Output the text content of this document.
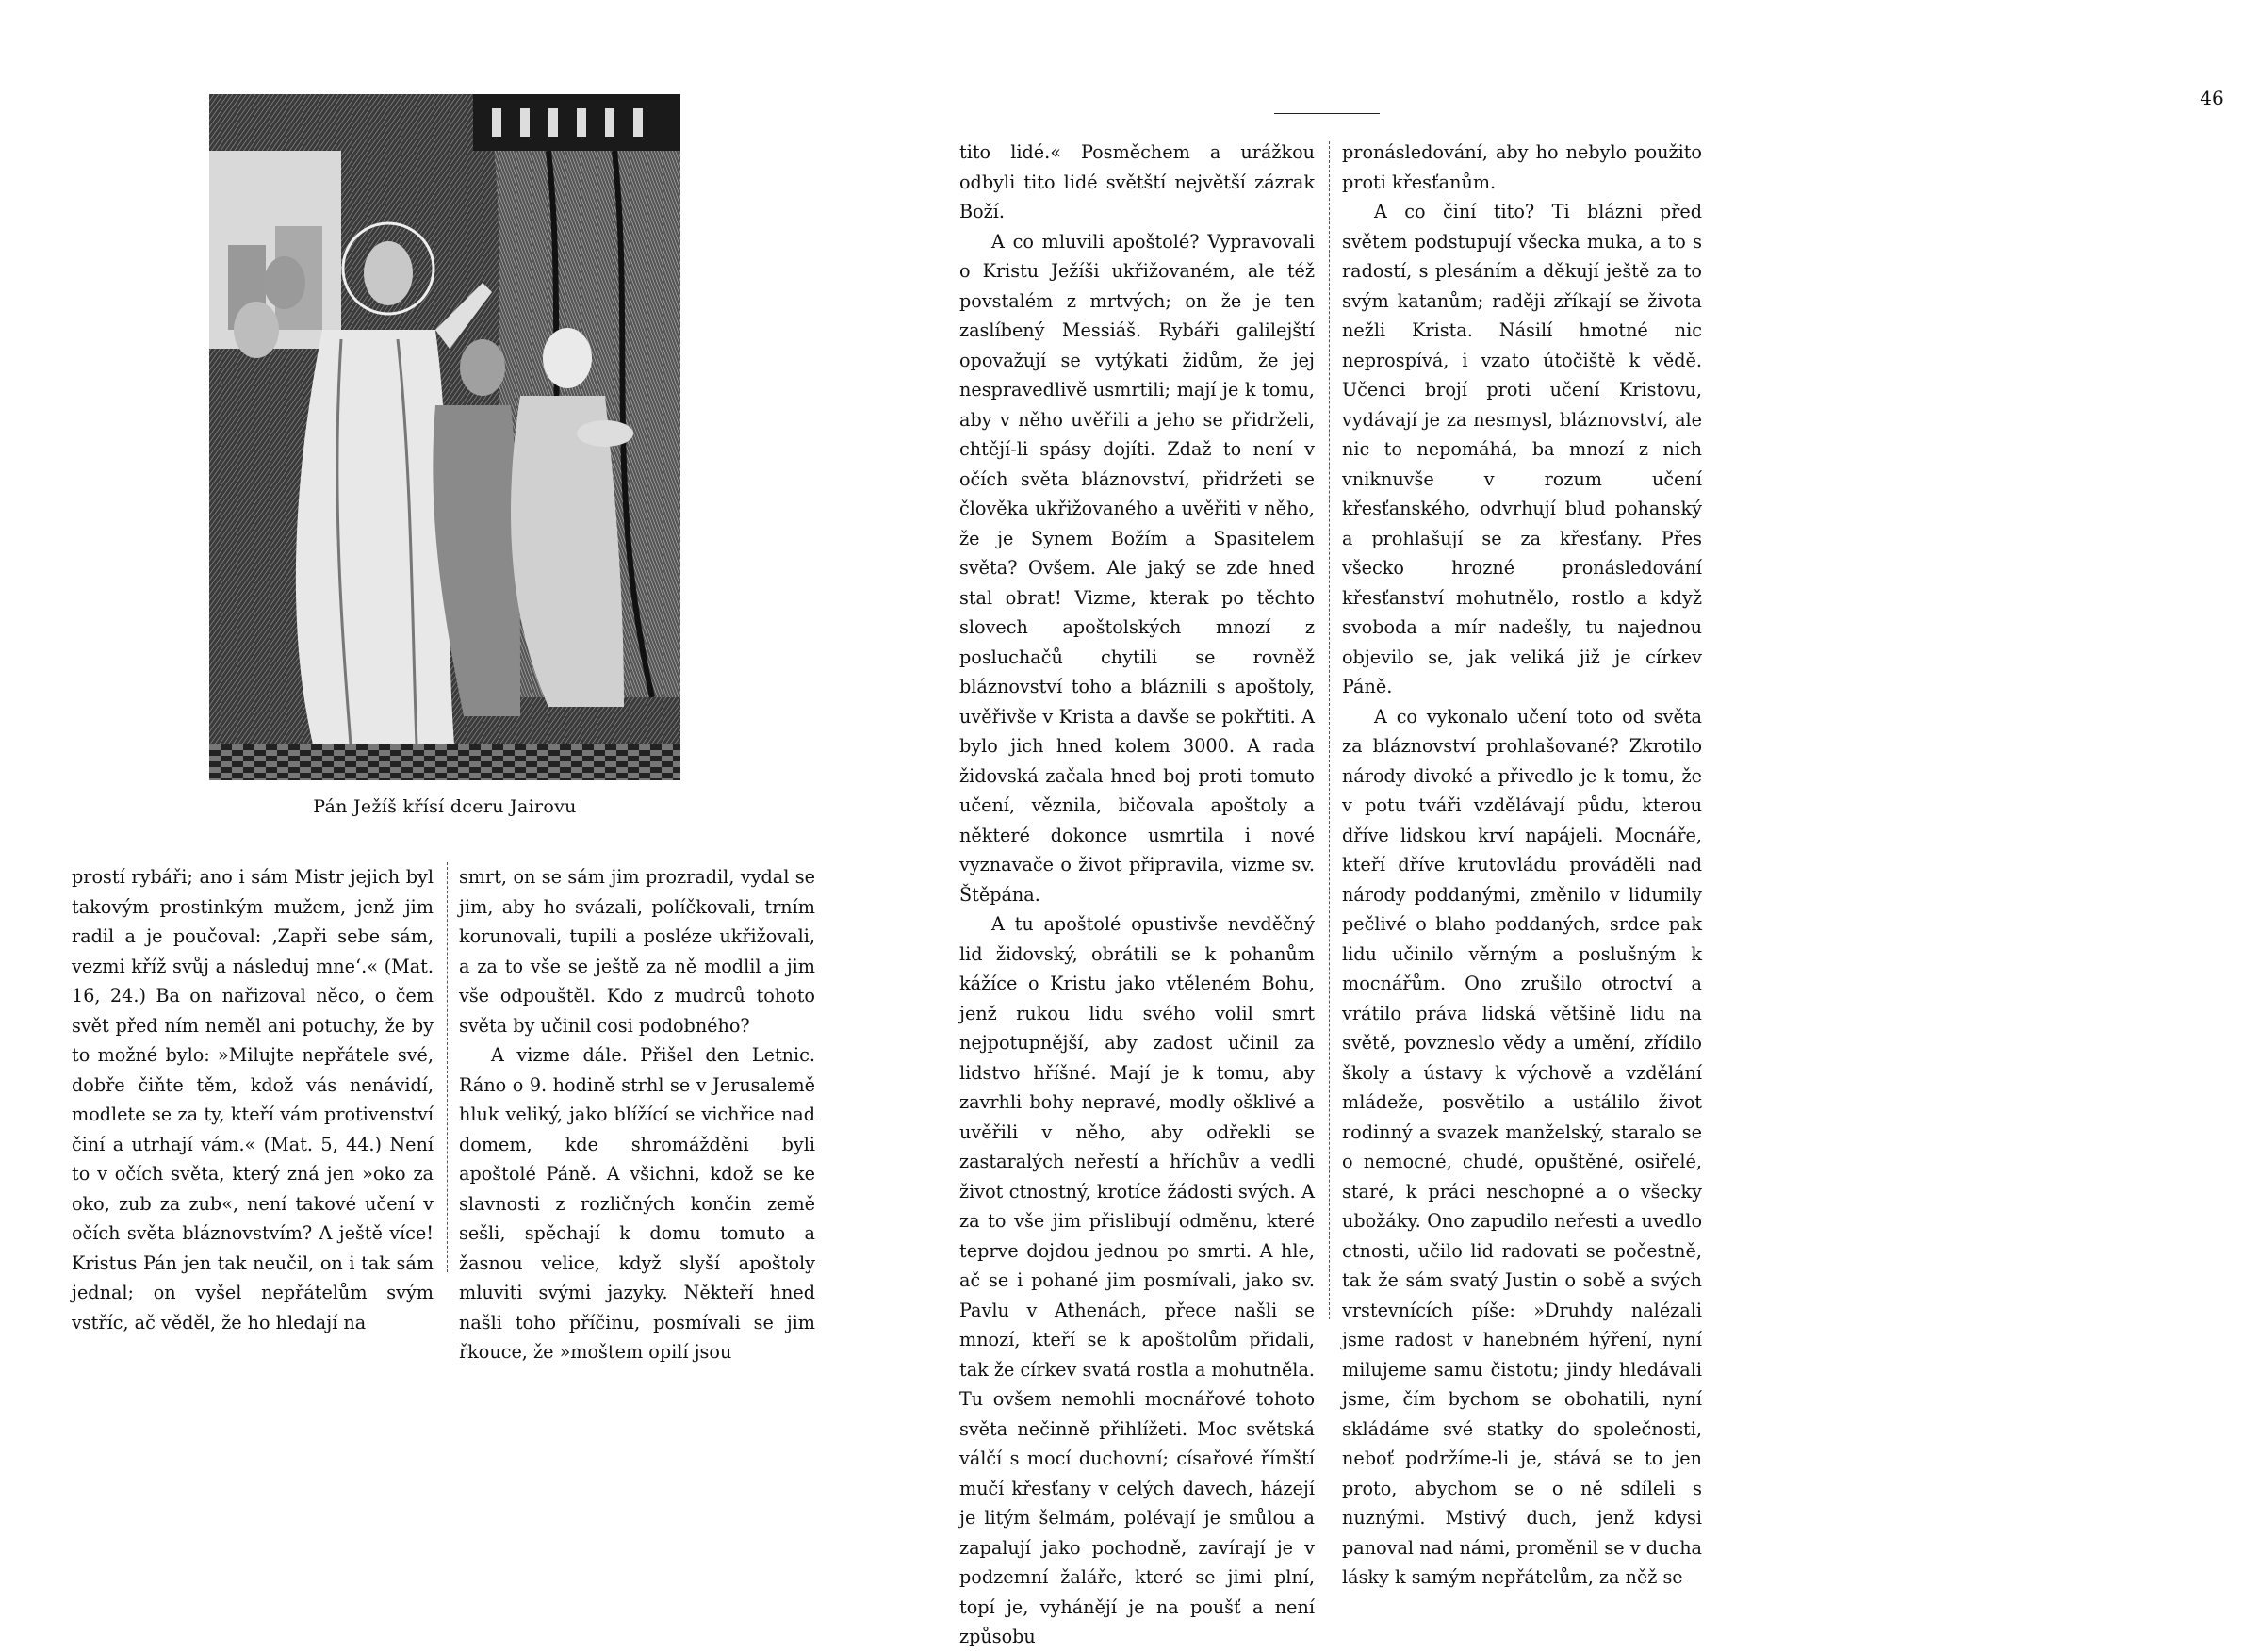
Pán Ježíš křísí dceru Jairovu

prostí rybáři; ano i sám Mistr jejich byl takovým prostinkým mužem, jenž jim radil a je poučoval: ‚Zapři sebe sám, vezmi kříž svůj a následuj mne‘.« (Mat. 16, 24.) Ba on nařizoval něco, o čem svět před ním neměl ani potuchy, že by to možné bylo: »Milujte nepřátele své, dobře čiňte těm, kdož vás nenávidí, modlete se za ty, kteří vám protivenství činí a utrhají vám.« (Mat. 5, 44.) Není to v očích světa, který zná jen »oko za oko, zub za zub«, není takové učení v očích světa bláznovstvím? A ještě více! Kristus Pán jen tak neučil, on i tak sám jednal; on vyšel nepřátelům svým vstříc, ač věděl, že ho hledají na

smrt, on se sám jim prozradil, vydal se jim, aby ho svázali, políčkovali, trním korunovali, tupili a posléze ukřižovali, a za to vše se ještě za ně modlil a jim vše odpouštěl. Kdo z mudrců tohoto světa by učinil cosi podobného?

A vizme dále. Přišel den Letnic. Ráno o 9. hodině strhl se v Jerusalemě hluk veliký, jako blížící se vichřice nad domem, kde shromážděni byli apoštolé Páně. A všichni, kdož se ke slavnosti z rozličných končin země sešli, spěchají k domu tomuto a žasnou velice, když slyší apoštoly mluviti svými jazyky. Někteří hned našli toho příčinu, posmívali se jim řkouce, že »moštem opilí jsou

46

tito lidé.« Posměchem a urážkou odbyli tito lidé světští největší zázrak Boží.

A co mluvili apoštolé? Vypravovali o Kristu Ježíši ukřižovaném, ale též povstalém z mrtvých; on že je ten zaslíbený Messiáš. Rybáři galilejští opovažují se vytýkati židům, že jej nespravedlivě usmrtili; mají je k tomu, aby v něho uvěřili a jeho se přidrželi, chtějí-li spásy dojíti. Zdaž to není v očích světa bláznovství, přidržeti se člověka ukřižovaného a uvěřiti v něho, že je Synem Božím a Spasitelem světa? Ovšem. Ale jaký se zde hned stal obrat! Vizme, kterak po těchto slovech apoštolských mnozí z posluchačů chytili se rovněž bláznovství toho a bláznili s apoštoly, uvěřivše v Krista a davše se pokřtiti. A bylo jich hned kolem 3000. A rada židovská začala hned boj proti tomuto učení, věznila, bičovala apoštoly a některé dokonce usmrtila i nové vyznavače o život připravila, vizme sv. Štěpána.

A tu apoštolé opustivše nevděčný lid židovský, obrátili se k pohanům kážíce o Kristu jako vtěleném Bohu, jenž rukou lidu svého volil smrt nejpotupnější, aby zadost učinil za lidstvo hříšné. Mají je k tomu, aby zavrhli bohy nepravé, modly ošklivé a uvěřili v něho, aby odřekli se zastaralých neřestí a hříchův a vedli život ctnostný, krotíce žádosti svých. A za to vše jim přislibují odměnu, které teprve dojdou jednou po smrti. A hle, ač se i pohané jim posmívali, jako sv. Pavlu v Athenách, přece našli se mnozí, kteří se k apoštolům přidali, tak že církev svatá rostla a mohutněla. Tu ovšem nemohli mocnářové tohoto světa nečinně přihlížeti. Moc světská válčí s mocí duchovní; císařové římští mučí křesťany v celých davech, házejí je litým šelmám, polévají je smůlou a zapalují jako pochodně, zavírají je v podzemní žaláře, které se jimi plní, topí je, vyhánějí je na poušť a není způsobu

pronásledování, aby ho nebylo použito proti křesťanům.

A co činí tito? Ti blázni před světem podstupují všecka muka, a to s radostí, s plesáním a děkují ještě za to svým katanům; raději zříkají se života nežli Krista. Násilí hmotné nic neprospívá, i vzato útočiště k vědě. Učenci brojí proti učení Kristovu, vydávají je za nesmysl, bláznovství, ale nic to nepomáhá, ba mnozí z nich vniknuvše v rozum učení křesťanského, odvrhují blud pohanský a prohlašují se za křesťany. Přes všecko hrozné pronásledování křesťanství mohutnělo, rostlo a když svoboda a mír nadešly, tu najednou objevilo se, jak veliká již je církev Páně.

A co vykonalo učení toto od světa za bláznovství prohlašované? Zkrotilo národy divoké a přivedlo je k tomu, že v potu tváři vzdělávají půdu, kterou dříve lidskou krví napájeli. Mocnáře, kteří dříve krutovládu prováděli nad národy poddanými, změnilo v lidumily pečlivé o blaho poddaných, srdce pak lidu učinilo věrným a poslušným k mocnářům. Ono zrušilo otroctví a vrátilo práva lidská většině lidu na světě, povzneslo vědy a umění, zřídilo školy a ústavy k výchově a vzdělání mládeže, posvětilo a ustálilo život rodinný a svazek manželský, staralo se o nemocné, chudé, opuštěné, osiřelé, staré, k práci neschopné a o všecky ubožáky. Ono zapudilo neřesti a uvedlo ctnosti, učilo lid radovati se počestně, tak že sám svatý Justin o sobě a svých vrstevnících píše: »Druhdy nalézali jsme radost v hanebném hýření, nyní milujeme samu čistotu; jindy hledávali jsme, čím bychom se obohatili, nyní skládáme své statky do společnosti, neboť podržíme-li je, stává se to jen proto, abychom se o ně sdíleli s nuznými. Mstivý duch, jenž kdysi panoval nad námi, proměnil se v ducha lásky k samým nepřátelům, za něž se
